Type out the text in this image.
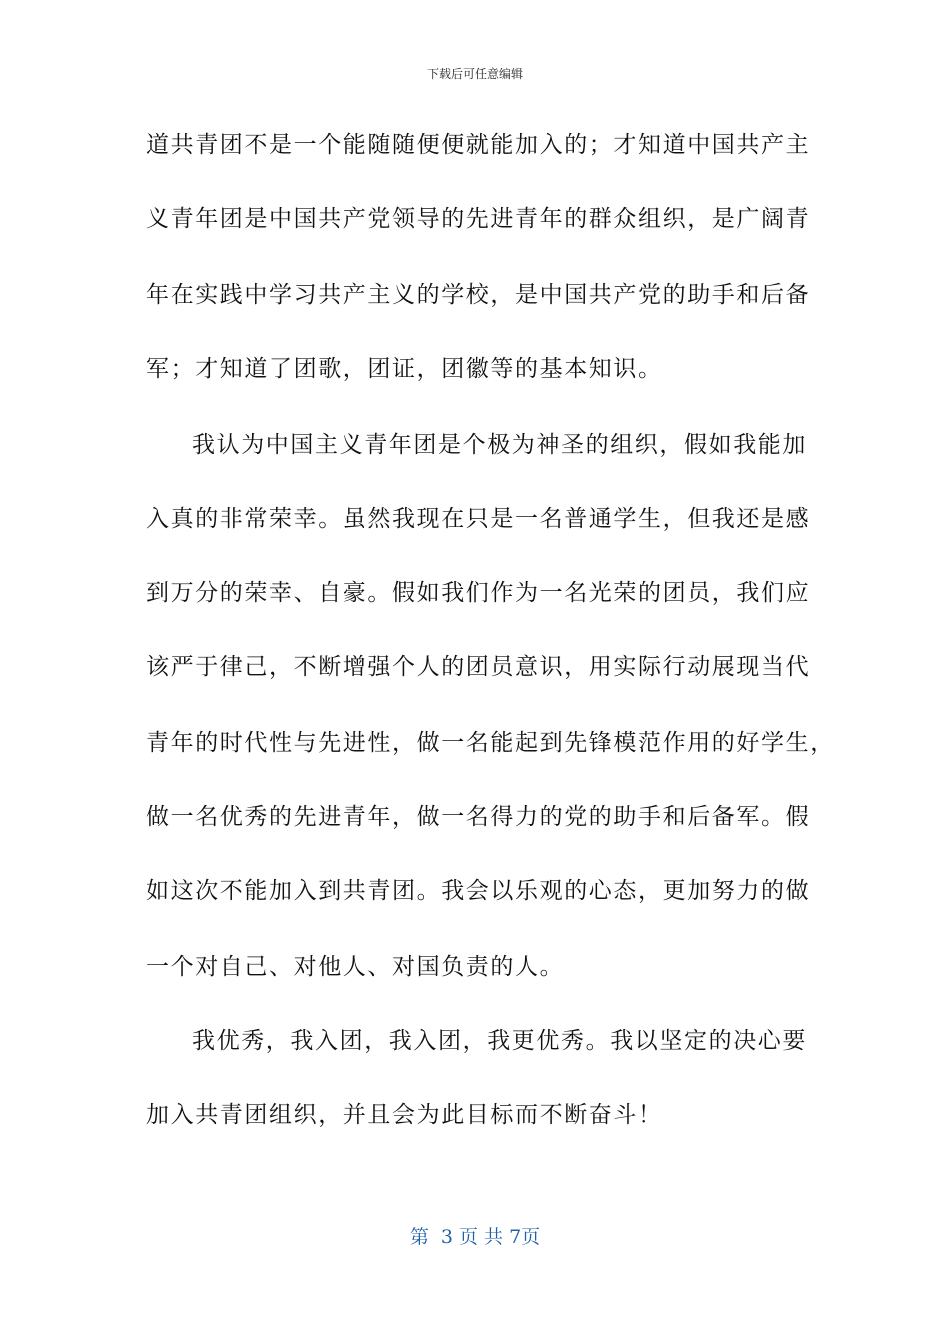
下载后可任意编辑
道共青团不是一个能随随便便就能加入的；才知道中国共产主
义青年团是中国共产党领导的先进青年的群众组织，是广阔青
年在实践中学习共产主义的学校，是中国共产党的助手和后备
军；才知道了团歌，团证，团徽等的基本知识。
我认为中国主义青年团是个极为神圣的组织，假如我能加
入真的非常荣幸。虽然我现在只是一名普通学生，但我还是感
到万分的荣幸、自豪。假如我们作为一名光荣的团员，我们应
该严于律己，不断增强个人的团员意识，用实际行动展现当代
青年的时代性与先进性，做一名能起到先锋模范作用的好学生，
做一名优秀的先进青年，做一名得力的党的助手和后备军。假
如这次不能加入到共青团。我会以乐观的心态，更加努力的做
一个对自己、对他人、对国负责的人。
我优秀，我入团，我入团，我更优秀。我以坚定的决心要
加入共青团组织，并且会为此目标而不断奋斗！
第  3 页 共 7页
